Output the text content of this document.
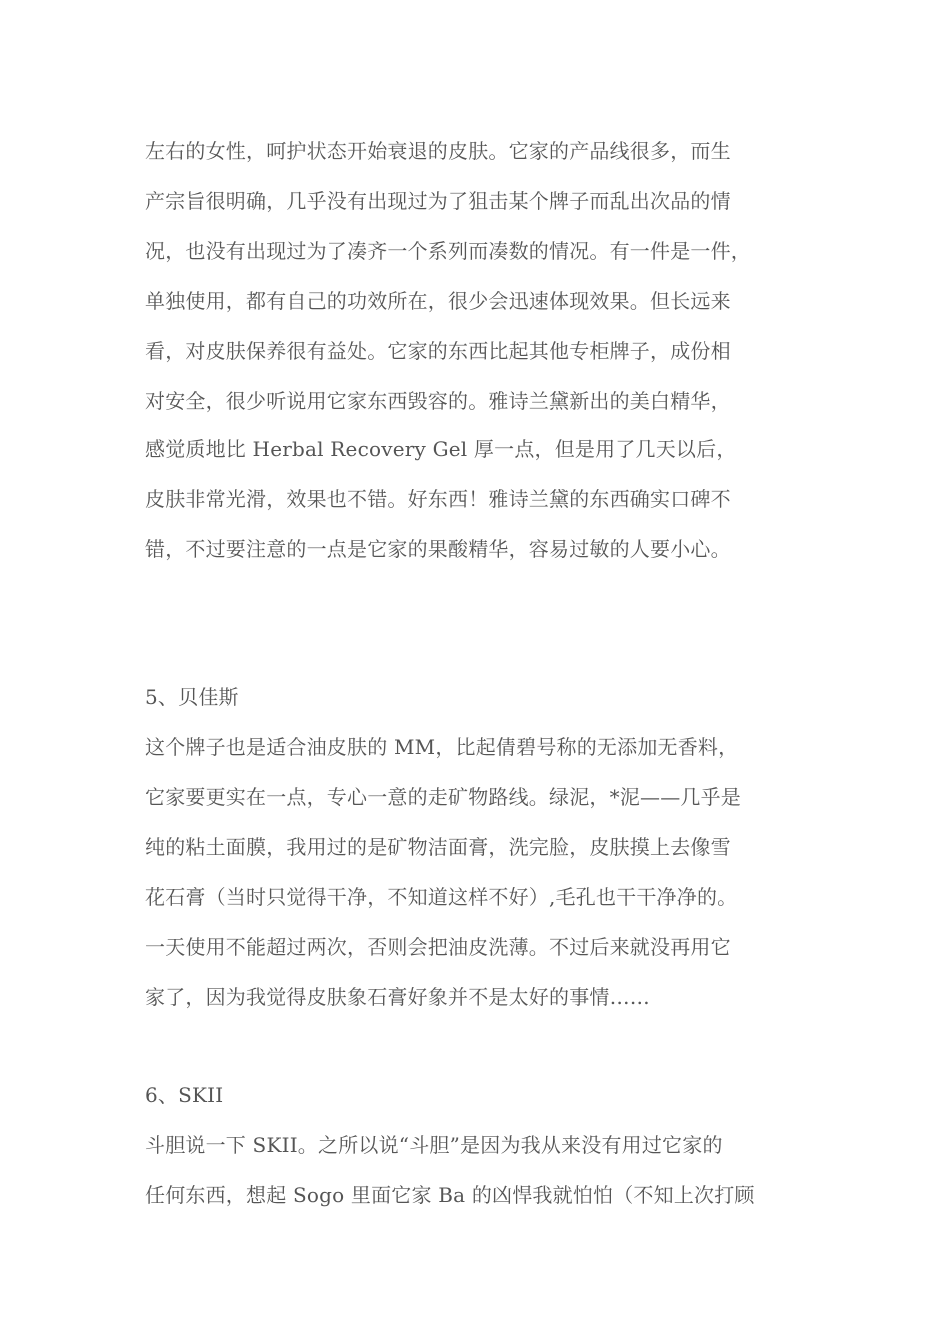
左右的女性，呵护状态开始衰退的皮肤。它家的产品线很多，而生
产宗旨很明确，几乎没有出现过为了狙击某个牌子而乱出次品的情
况，也没有出现过为了凑齐一个系列而凑数的情况。有一件是一件，
单独使用，都有自己的功效所在，很少会迅速体现效果。但长远来
看，对皮肤保养很有益处。它家的东西比起其他专柜牌子，成份相
对安全，很少听说用它家东西毁容的。雅诗兰黛新出的美白精华，
感觉质地比 Herbal Recovery Gel 厚一点，但是用了几天以后，
皮肤非常光滑，效果也不错。好东西！雅诗兰黛的东西确实口碑不
错，不过要注意的一点是它家的果酸精华，容易过敏的人要小心。
5、贝佳斯
这个牌子也是适合油皮肤的 MM，比起倩碧号称的无添加无香料，
它家要更实在一点，专心一意的走矿物路线。绿泥，*泥——几乎是
纯的粘土面膜，我用过的是矿物洁面膏，洗完脸，皮肤摸上去像雪
花石膏（当时只觉得干净，不知道这样不好）,毛孔也干干净净的。
一天使用不能超过两次，否则会把油皮洗薄。不过后来就没再用它
家了，因为我觉得皮肤象石膏好象并不是太好的事情……
6、SKII
斗胆说一下 SKII。之所以说“斗胆”是因为我从来没有用过它家的
任何东西，想起 Sogo 里面它家 Ba 的凶悍我就怕怕（不知上次打顾
